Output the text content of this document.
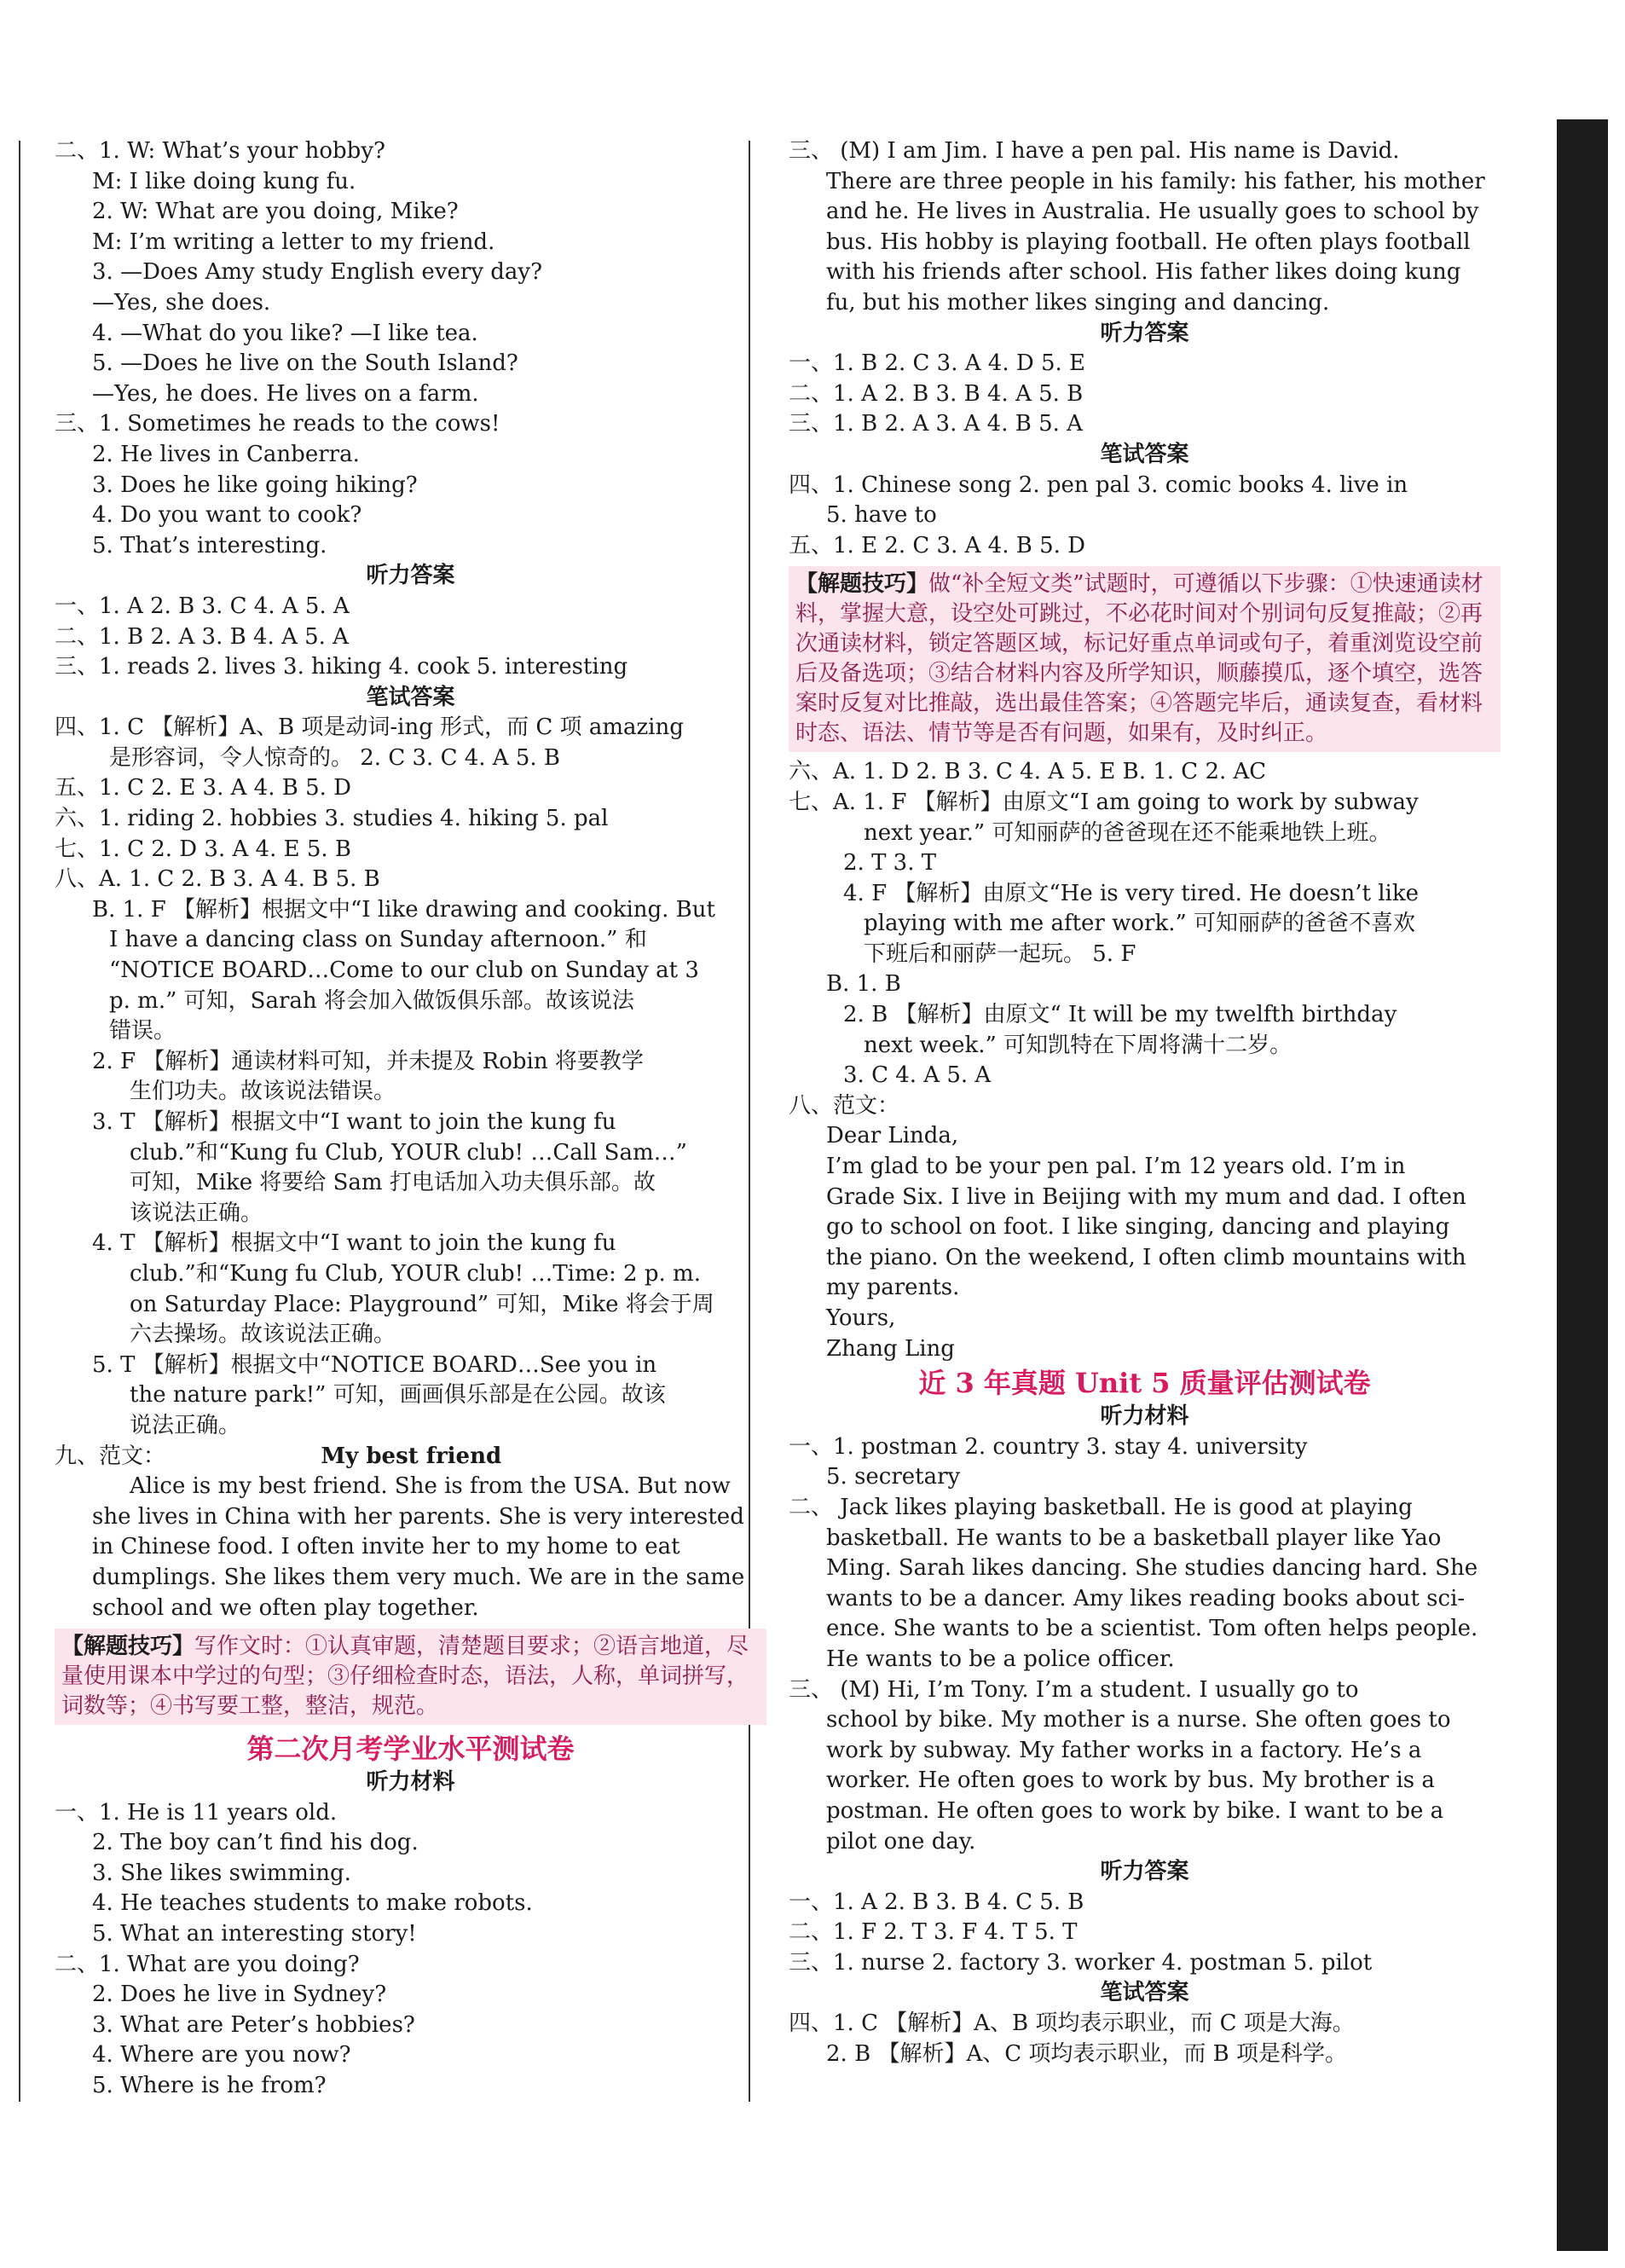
二、1. W: What’s your hobby?
M: I like doing kung fu.
2. W: What are you doing, Mike?
M: I’m writing a letter to my friend.
3. —Does Amy study English every day?
—Yes, she does.
4. —What do you like? —I like tea.
5. —Does he live on the South Island?
—Yes, he does. He lives on a farm.
三、1. Sometimes he reads to the cows!
2. He lives in Canberra.
3. Does he like going hiking?
4. Do you want to cook?
5. That’s interesting.
听力答案
一、1. A 2. B 3. C 4. A 5. A
二、1. B 2. A 3. B 4. A 5. A
三、1. reads 2. lives 3. hiking 4. cook 5. interesting
笔试答案
四、1. C 【解析】A、B 项是动词-ing 形式，而 C 项 amazing
是形容词，令人惊奇的。 2. C 3. C 4. A 5. B
五、1. C 2. E 3. A 4. B 5. D
六、1. riding 2. hobbies 3. studies 4. hiking 5. pal
七、1. C 2. D 3. A 4. E 5. B
八、A. 1. C 2. B 3. A 4. B 5. B
B. 1. F 【解析】根据文中“I like drawing and cooking. But
I have a dancing class on Sunday afternoon.” 和
“NOTICE BOARD…Come to our club on Sunday at 3
p. m.” 可知，Sarah 将会加入做饭俱乐部。故该说法
错误。
2. F 【解析】通读材料可知，并未提及 Robin 将要教学
生们功夫。故该说法错误。
3. T 【解析】根据文中“I want to join the kung fu
club.”和“Kung fu Club, YOUR club! …Call Sam…”
可知，Mike 将要给 Sam 打电话加入功夫俱乐部。故
该说法正确。
4. T 【解析】根据文中“I want to join the kung fu
club.”和“Kung fu Club, YOUR club! …Time: 2 p. m.
on Saturday Place: Playground” 可知，Mike 将会于周
六去操场。故该说法正确。
5. T 【解析】根据文中“NOTICE BOARD…See you in
the nature park!” 可知，画画俱乐部是在公园。故该
说法正确。
九、范文：	My best friend
Alice is my best friend. She is from the USA. But now
she lives in China with her parents. She is very interested
in Chinese food. I often invite her to my home to eat
dumplings. She likes them very much. We are in the same
school and we often play together.
【解题技巧】写作文时：①认真审题，清楚题目要求；②语言地道，尽量使用课本中学过的句型；③仔细检查时态，语法，人称，单词拼写，词数等；④书写要工整，整洁，规范。
第二次月考学业水平测试卷
听力材料
一、1. He is 11 years old.
2. The boy can’t find his dog.
3. She likes swimming.
4. He teaches students to make robots.
5. What an interesting story!
二、1. What are you doing?
2. Does he live in Sydney?
3. What are Peter’s hobbies?
4. Where are you now?
5. Where is he from?
三、 (M) I am Jim. I have a pen pal. His name is David.
There are three people in his family: his father, his mother
and he. He lives in Australia. He usually goes to school by
bus. His hobby is playing football. He often plays football
with his friends after school. His father likes doing kung
fu, but his mother likes singing and dancing.
听力答案
一、1. B 2. C 3. A 4. D 5. E
二、1. A 2. B 3. B 4. A 5. B
三、1. B 2. A 3. A 4. B 5. A
笔试答案
四、1. Chinese song 2. pen pal 3. comic books 4. live in
5. have to
五、1. E 2. C 3. A 4. B 5. D
【解题技巧】做“补全短文类”试题时，可遵循以下步骤：①快速通读材料，掌握大意，设空处可跳过，不必花时间对个别词句反复推敲；②再次通读材料，锁定答题区域，标记好重点单词或句子，着重浏览设空前后及备选项；③结合材料内容及所学知识，顺藤摸瓜，逐个填空，选答案时反复对比推敲，选出最佳答案；④答题完毕后，通读复查，看材料时态、语法、情节等是否有问题，如果有，及时纠正。
六、A. 1. D 2. B 3. C 4. A 5. E B. 1. C 2. AC
七、A. 1. F 【解析】由原文“I am going to work by subway
next year.” 可知丽萨的爸爸现在还不能乘地铁上班。
2. T 3. T
4. F 【解析】由原文“He is very tired. He doesn’t like
playing with me after work.” 可知丽萨的爸爸不喜欢
下班后和丽萨一起玩。 5. F
B. 1. B
2. B 【解析】由原文“ It will be my twelfth birthday
next week.” 可知凯特在下周将满十二岁。
3. C 4. A 5. A
八、范文：
Dear Linda,
I’m glad to be your pen pal. I’m 12 years old. I’m in
Grade Six. I live in Beijing with my mum and dad. I often
go to school on foot. I like singing, dancing and playing
the piano. On the weekend, I often climb mountains with
my parents.
Yours,
Zhang Ling
近 3 年真题 Unit 5 质量评估测试卷
听力材料
一、1. postman 2. country 3. stay 4. university
5. secretary
二、 Jack likes playing basketball. He is good at playing
basketball. He wants to be a basketball player like Yao
Ming. Sarah likes dancing. She studies dancing hard. She
wants to be a dancer. Amy likes reading books about sci-
ence. She wants to be a scientist. Tom often helps people.
He wants to be a police officer.
三、 (M) Hi, I’m Tony. I’m a student. I usually go to
school by bike. My mother is a nurse. She often goes to
work by subway. My father works in a factory. He’s a
worker. He often goes to work by bus. My brother is a
postman. He often goes to work by bike. I want to be a
pilot one day.
听力答案
一、1. A 2. B 3. B 4. C 5. B
二、1. F 2. T 3. F 4. T 5. T
三、1. nurse 2. factory 3. worker 4. postman 5. pilot
笔试答案
四、1. C 【解析】A、B 项均表示职业，而 C 项是大海。
2. B 【解析】A、C 项均表示职业，而 B 项是科学。
